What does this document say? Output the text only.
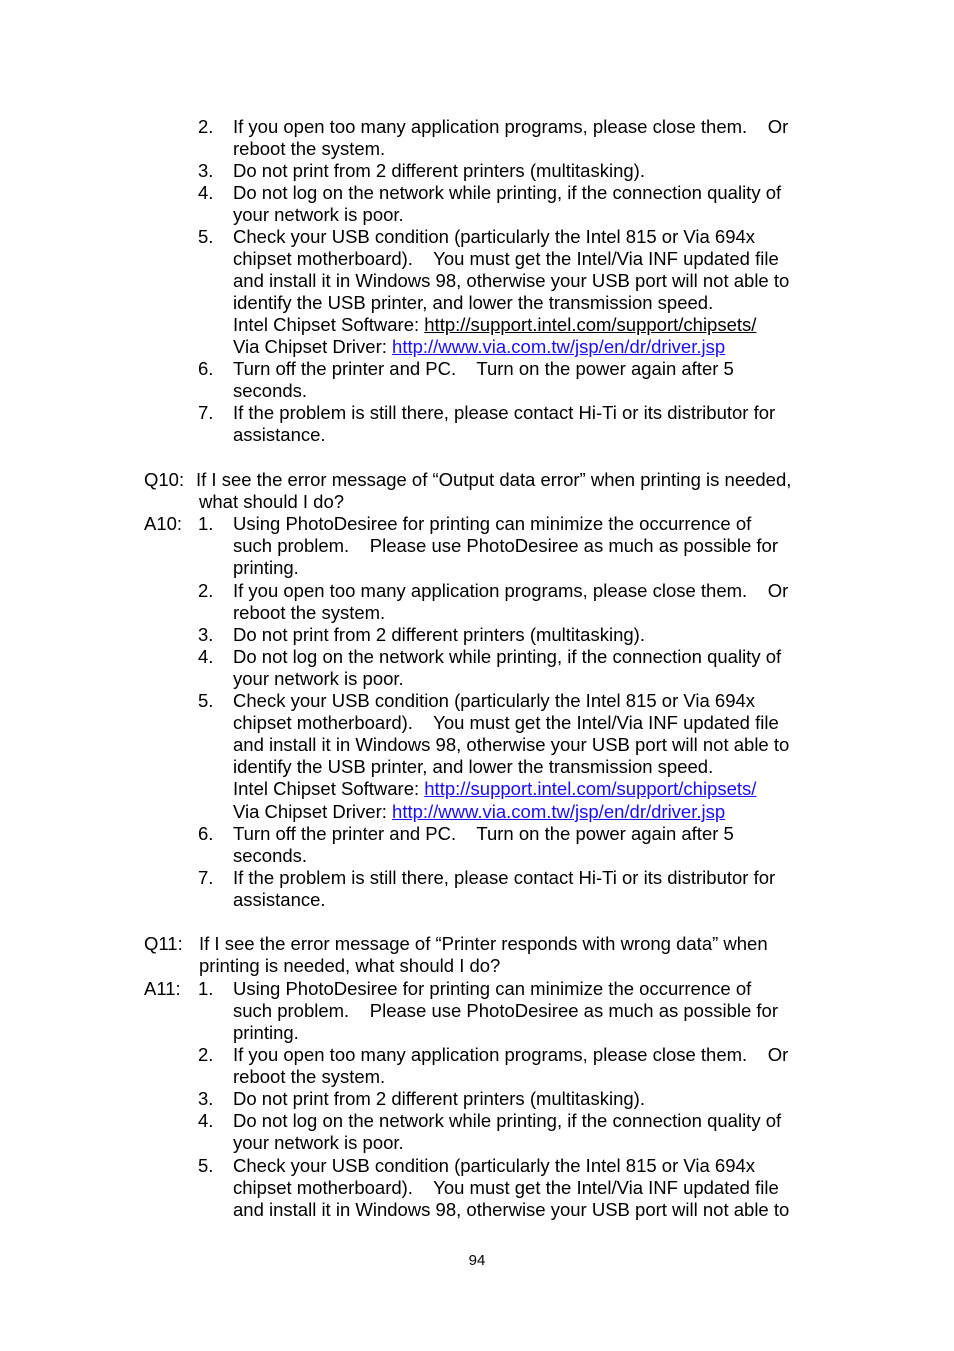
2. If you open too many application programs, please close them.    Or
reboot the system.
3. Do not print from 2 different printers (multitasking).
4. Do not log on the network while printing, if the connection quality of
your network is poor.
5. Check your USB condition (particularly the Intel 815 or Via 694x
chipset motherboard).    You must get the Intel/Via INF updated file
and install it in Windows 98, otherwise your USB port will not able to
identify the USB printer, and lower the transmission speed.
Intel Chipset Software: http://support.intel.com/support/chipsets/
Via Chipset Driver: http://www.via.com.tw/jsp/en/dr/driver.jsp
6. Turn off the printer and PC.    Turn on the power again after 5
seconds.
7. If the problem is still there, please contact Hi-Ti or its distributor for
assistance.
Q10: If I see the error message of “Output data error” when printing is needed,
what should I do?
A10: 1. Using PhotoDesiree for printing can minimize the occurrence of
such problem.    Please use PhotoDesiree as much as possible for
printing.
2. If you open too many application programs, please close them.    Or
reboot the system.
3. Do not print from 2 different printers (multitasking).
4. Do not log on the network while printing, if the connection quality of
your network is poor.
5. Check your USB condition (particularly the Intel 815 or Via 694x
chipset motherboard).    You must get the Intel/Via INF updated file
and install it in Windows 98, otherwise your USB port will not able to
identify the USB printer, and lower the transmission speed.
Intel Chipset Software: http://support.intel.com/support/chipsets/
Via Chipset Driver: http://www.via.com.tw/jsp/en/dr/driver.jsp
6. Turn off the printer and PC.    Turn on the power again after 5
seconds.
7. If the problem is still there, please contact Hi-Ti or its distributor for
assistance.
Q11: If I see the error message of “Printer responds with wrong data” when
printing is needed, what should I do?
A11: 1. Using PhotoDesiree for printing can minimize the occurrence of
such problem.    Please use PhotoDesiree as much as possible for
printing.
2. If you open too many application programs, please close them.    Or
reboot the system.
3. Do not print from 2 different printers (multitasking).
4. Do not log on the network while printing, if the connection quality of
your network is poor.
5. Check your USB condition (particularly the Intel 815 or Via 694x
chipset motherboard).    You must get the Intel/Via INF updated file
and install it in Windows 98, otherwise your USB port will not able to
94
